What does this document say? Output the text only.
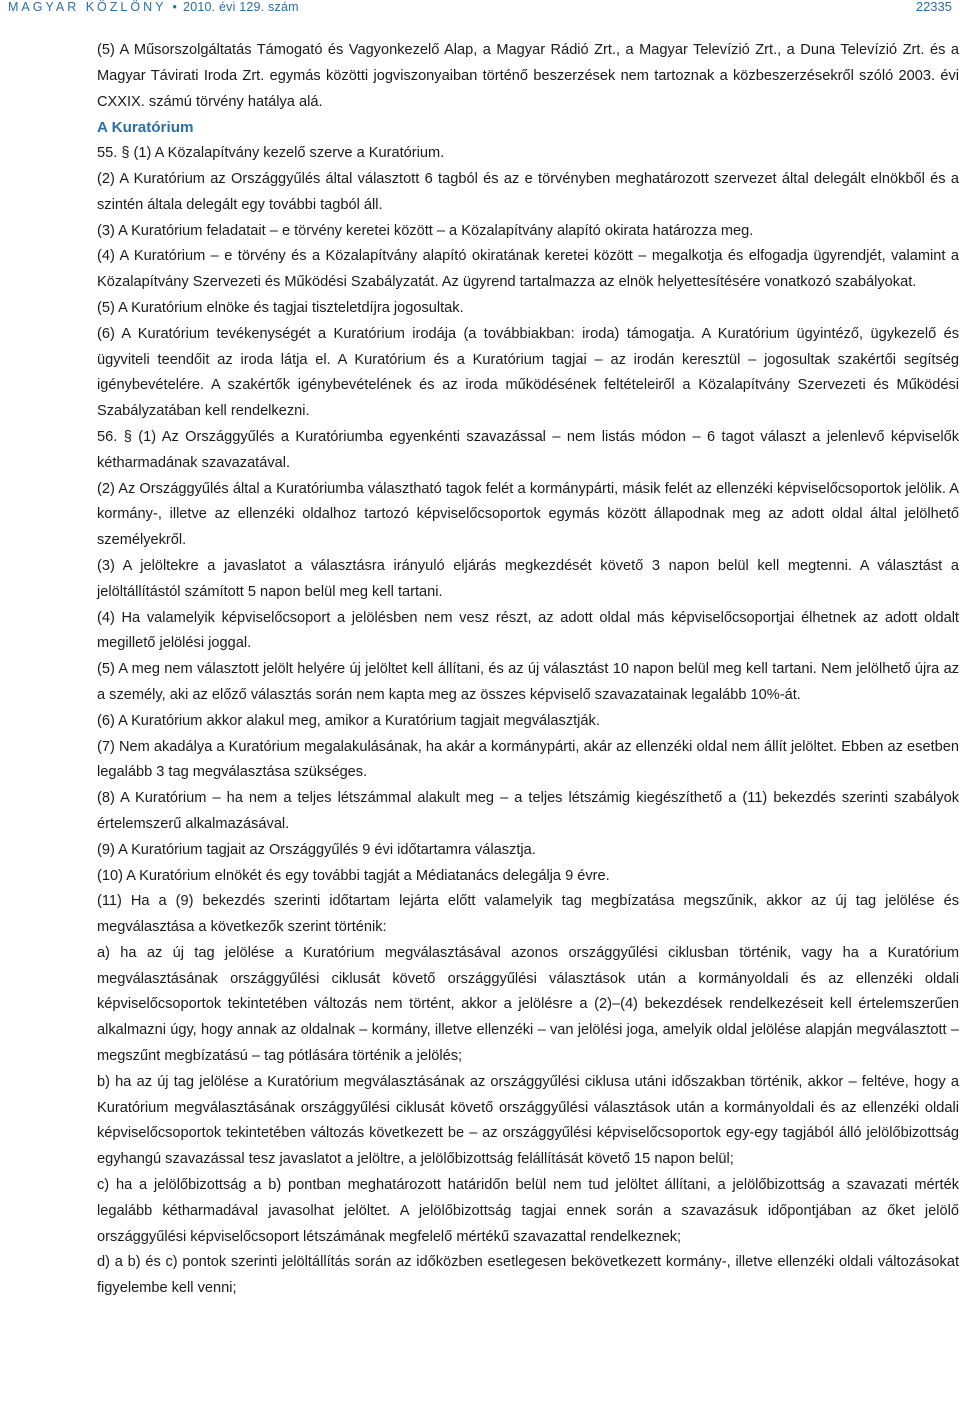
MAGYAR KÖZLÖNY • 2010. évi 129. szám	22335

(5) A Műsorszolgáltatás Támogató és Vagyonkezelő Alap, a Magyar Rádió Zrt., a Magyar Televízió Zrt., a Duna Televízió Zrt. és a Magyar Távirati Iroda Zrt. egymás közötti jogviszonyaiban történő beszerzések nem tartoznak a közbeszerzésekről szóló 2003. évi CXXIX. számú törvény hatálya alá.

A Kuratórium

55. § (1) A Közalapítvány kezelő szerve a Kuratórium.

(2) A Kuratórium az Országgyűlés által választott 6 tagból és az e törvényben meghatározott szervezet által delegált elnökből és a szintén általa delegált egy további tagból áll.

(3) A Kuratórium feladatait – e törvény keretei között – a Közalapítvány alapító okirata határozza meg.

(4) A Kuratórium – e törvény és a Közalapítvány alapító okiratának keretei között – megalkotja és elfogadja ügyrendjét, valamint a Közalapítvány Szervezeti és Működési Szabályzatát. Az ügyrend tartalmazza az elnök helyettesítésére vonatkozó szabályokat.

(5) A Kuratórium elnöke és tagjai tiszteletdíjra jogosultak.

(6) A Kuratórium tevékenységét a Kuratórium irodája (a továbbiakban: iroda) támogatja. A Kuratórium ügyintéző, ügykezelő és ügyviteli teendőit az iroda látja el. A Kuratórium és a Kuratórium tagjai – az irodán keresztül – jogosultak szakértői segítség igénybevételére. A szakértők igénybevételének és az iroda működésének feltételeiről a Közalapítvány Szervezeti és Működési Szabályzatában kell rendelkezni.

56. § (1) Az Országgyűlés a Kuratóriumba egyenkénti szavazással – nem listás módon – 6 tagot választ a jelenlevő képviselők kétharmadának szavazatával.

(2) Az Országgyűlés által a Kuratóriumba választható tagok felét a kormánypárti, másik felét az ellenzéki képviselőcsoportok jelölik. A kormány-, illetve az ellenzéki oldalhoz tartozó képviselőcsoportok egymás között állapodnak meg az adott oldal által jelölhető személyekről.

(3) A jelöltekre a javaslatot a választásra irányuló eljárás megkezdését követő 3 napon belül kell megtenni. A választást a jelöltállítástól számított 5 napon belül meg kell tartani.

(4) Ha valamelyik képviselőcsoport a jelölésben nem vesz részt, az adott oldal más képviselőcsoportjai élhetnek az adott oldalt megillető jelölési joggal.

(5) A meg nem választott jelölt helyére új jelöltet kell állítani, és az új választást 10 napon belül meg kell tartani. Nem jelölhető újra az a személy, aki az előző választás során nem kapta meg az összes képviselő szavazatainak legalább 10%-át.

(6) A Kuratórium akkor alakul meg, amikor a Kuratórium tagjait megválasztják.

(7) Nem akadálya a Kuratórium megalakulásának, ha akár a kormánypárti, akár az ellenzéki oldal nem állít jelöltet. Ebben az esetben legalább 3 tag megválasztása szükséges.

(8) A Kuratórium – ha nem a teljes létszámmal alakult meg – a teljes létszámig kiegészíthető a (11) bekezdés szerinti szabályok értelemszerű alkalmazásával.

(9) A Kuratórium tagjait az Országgyűlés 9 évi időtartamra választja.

(10) A Kuratórium elnökét és egy további tagját a Médiatanács delegálja 9 évre.

(11) Ha a (9) bekezdés szerinti időtartam lejárta előtt valamelyik tag megbízatása megszűnik, akkor az új tag jelölése és megválasztása a következők szerint történik:

a) ha az új tag jelölése a Kuratórium megválasztásával azonos országgyűlési ciklusban történik, vagy ha a Kuratórium megválasztásának országgyűlési ciklusát követő országgyűlési választások után a kormányoldali és az ellenzéki oldali képviselőcsoportok tekintetében változás nem történt, akkor a jelölésre a (2)–(4) bekezdések rendelkezéseit kell értelemszerűen alkalmazni úgy, hogy annak az oldalnak – kormány, illetve ellenzéki – van jelölési joga, amelyik oldal jelölése alapján megválasztott – megszűnt megbízatású – tag pótlására történik a jelölés;

b) ha az új tag jelölése a Kuratórium megválasztásának az országgyűlési ciklusa utáni időszakban történik, akkor – feltéve, hogy a Kuratórium megválasztásának országgyűlési ciklusát követő országgyűlési választások után a kormányoldali és az ellenzéki oldali képviselőcsoportok tekintetében változás következett be – az országgyűlési képviselőcsoportok egy-egy tagjából álló jelölőbizottság egyhangú szavazással tesz javaslatot a jelöltre, a jelölőbizottság felállítását követő 15 napon belül;

c) ha a jelölőbizottság a b) pontban meghatározott határidőn belül nem tud jelöltet állítani, a jelölőbizottság a szavazati mérték legalább kétharmadával javasolhat jelöltet. A jelölőbizottság tagjai ennek során a szavazásuk időpontjában az őket jelölő országgyűlési képviselőcsoport létszámának megfelelő mértékű szavazattal rendelkeznek;

d) a b) és c) pontok szerinti jelöltállítás során az időközben esetlegesen bekövetkezett kormány-, illetve ellenzéki oldali változásokat figyelembe kell venni;
